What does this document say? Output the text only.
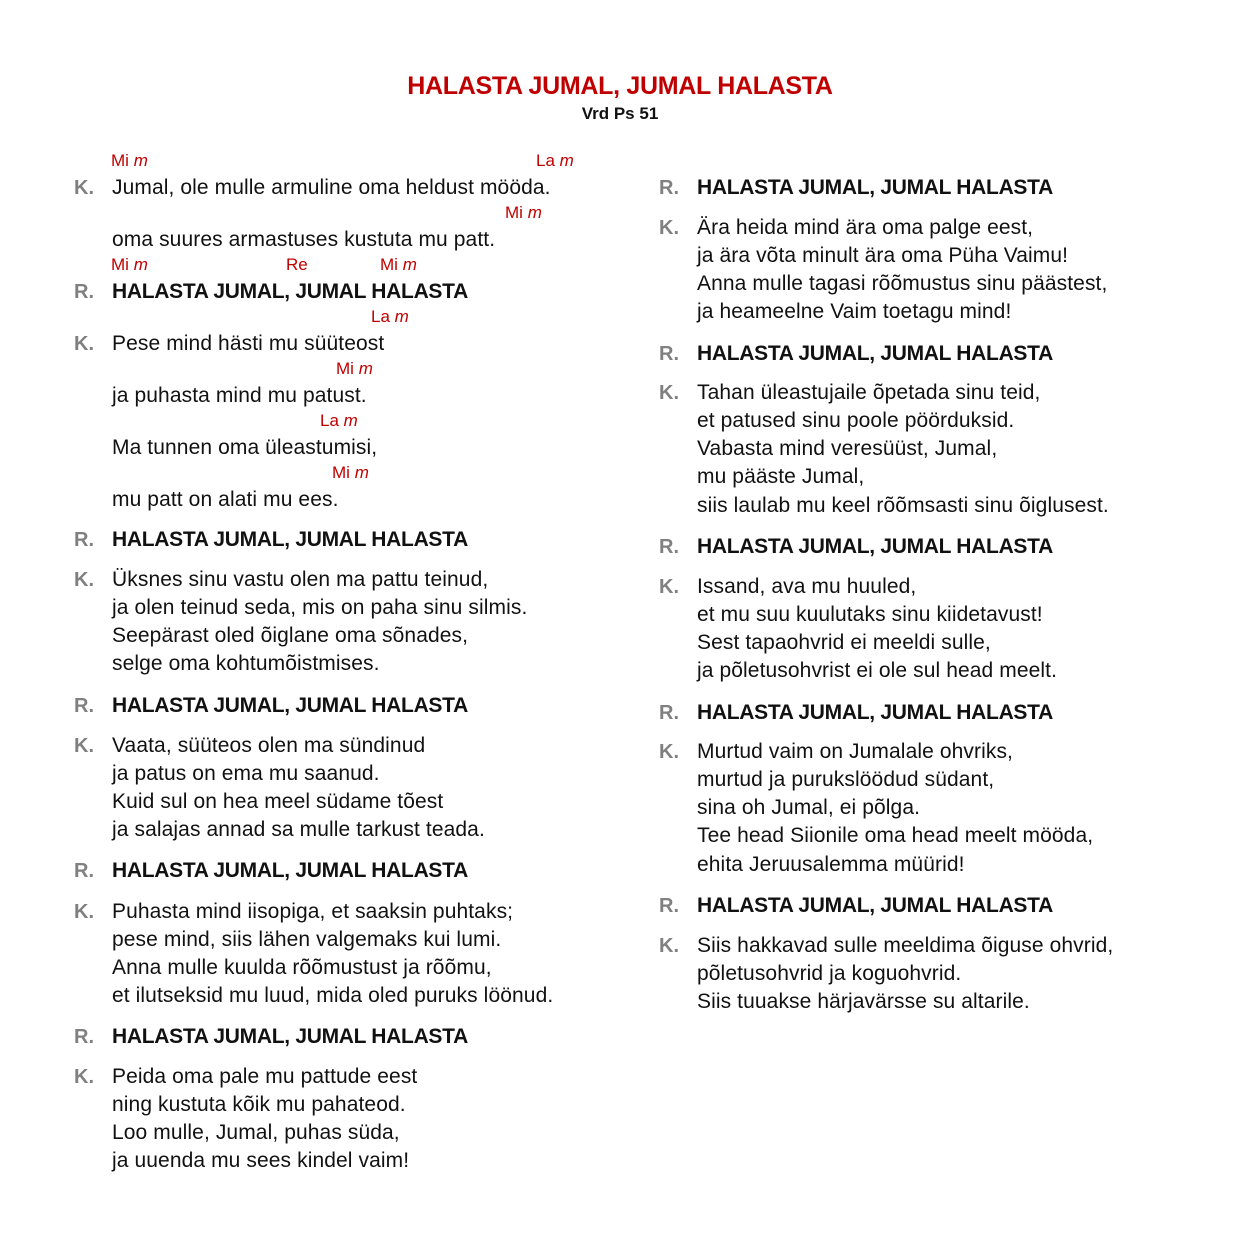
HALASTA JUMAL, JUMAL HALASTA
Vrd Ps 51
Mi m	La m
K. Jumal, ole mulle armuline oma heldust mööda.
Mi m
oma suures armastuses kustuta mu patt.
Mi m	Re	Mi m
R. HALASTA JUMAL, JUMAL HALASTA
La m
K. Pese mind hästi mu süüteost
Mi m
ja puhasta mind mu patust.
La m
Ma tunnen oma üleastumisi,
Mi m
mu patt on alati mu ees.
R. HALASTA JUMAL, JUMAL HALASTA
K. Üksnes sinu vastu olen ma pattu teinud,
ja olen teinud seda, mis on paha sinu silmis.
Seepärast oled õiglane oma sõnades,
selge oma kohtumõistmises.
R. HALASTA JUMAL, JUMAL HALASTA
K. Vaata, süüteos olen ma sündinud
ja patus on ema mu saanud.
Kuid sul on hea meel südame tõest
ja salajas annad sa mulle tarkust teada.
R. HALASTA JUMAL, JUMAL HALASTA
K. Puhasta mind iisopiga, et saaksin puhtaks;
pese mind, siis lähen valgemaks kui lumi.
Anna mulle kuulda rõõmustust ja rõõmu,
et ilutseksid mu luud, mida oled puruks löönud.
R. HALASTA JUMAL, JUMAL HALASTA
K. Peida oma pale mu pattude eest
ning kustuta kõik mu pahateod.
Loo mulle, Jumal, puhas süda,
ja uuenda mu sees kindel vaim!
R. HALASTA JUMAL, JUMAL HALASTA
K. Ära heida mind ära oma palge eest,
ja ära võta minult ära oma Püha Vaimu!
Anna mulle tagasi rõõmustus sinu päästest,
ja heameelne Vaim toetagu mind!
R. HALASTA JUMAL, JUMAL HALASTA
K. Tahan üleastujaile õpetada sinu teid,
et patused sinu poole pöörduksid.
Vabasta mind veresüüst, Jumal,
mu pääste Jumal,
siis laulab mu keel rõõmsasti sinu õiglusest.
R. HALASTA JUMAL, JUMAL HALASTA
K. Issand, ava mu huuled,
et mu suu kuulutaks sinu kiidetavust!
Sest tapaohvrid ei meeldi sulle,
ja põletusohvrist ei ole sul head meelt.
R. HALASTA JUMAL, JUMAL HALASTA
K. Murtud vaim on Jumalale ohvriks,
murtud ja purukslöödud südant,
sina oh Jumal, ei põlga.
Tee head Siionile oma head meelt mööda,
ehita Jeruusalemma müürid!
R. HALASTA JUMAL, JUMAL HALASTA
K. Siis hakkavad sulle meeldima õiguse ohvrid,
põletusohvrid ja koguohvrid.
Siis tuuakse härjavärsse su altarile.
